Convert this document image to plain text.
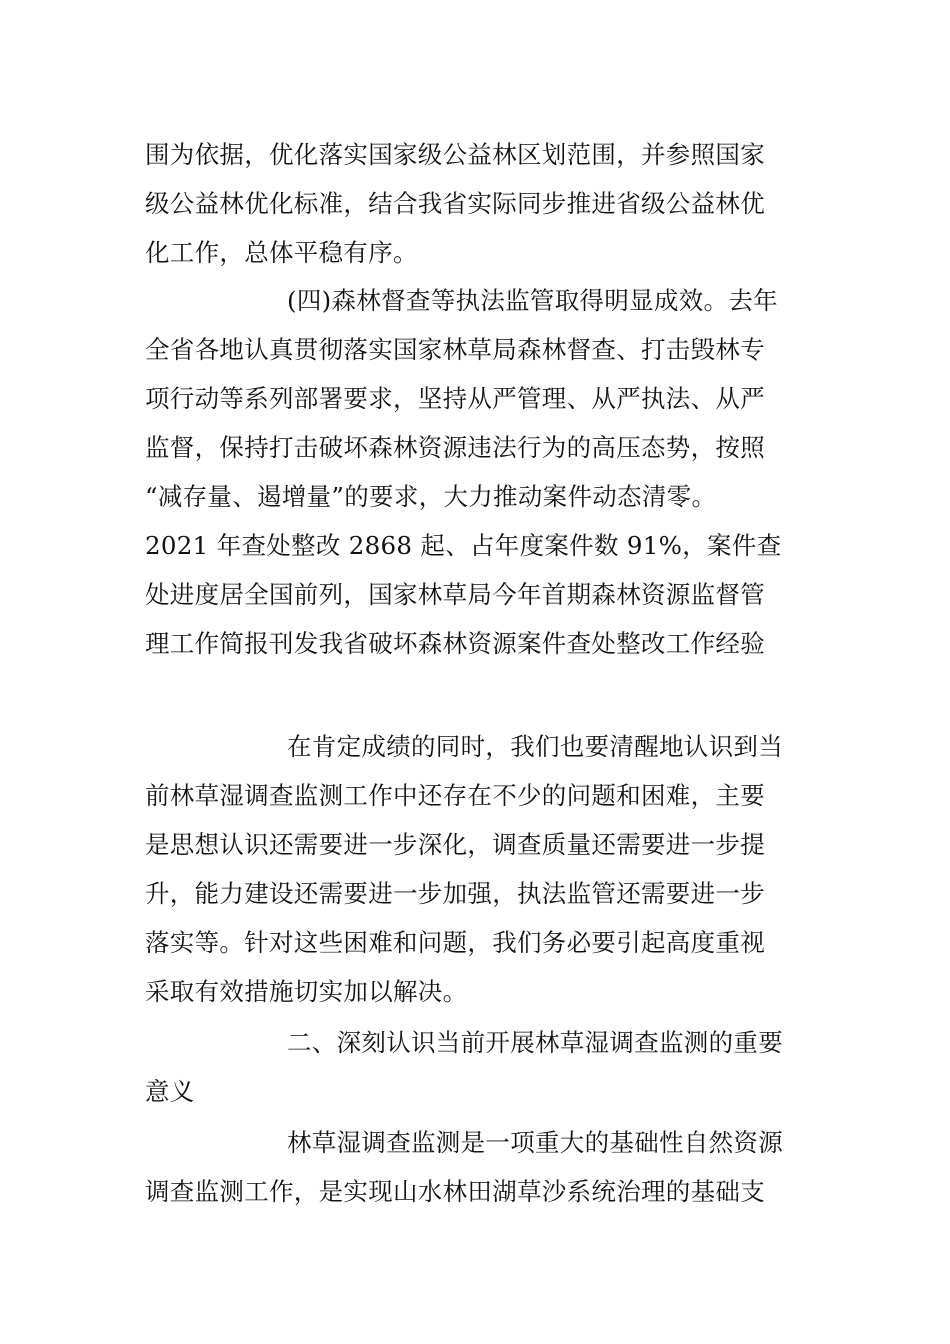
围为依据，优化落实国家级公益林区划范围，并参照国家
级公益林优化标准，结合我省实际同步推进省级公益林优
化工作，总体平稳有序。
(四)森林督查等执法监管取得明显成效。去年
全省各地认真贯彻落实国家林草局森林督查、打击毁林专
项行动等系列部署要求，坚持从严管理、从严执法、从严
监督，保持打击破坏森林资源违法行为的高压态势，按照
“减存量、遏增量”的要求，大力推动案件动态清零。
2021 年查处整改 2868 起、占年度案件数 91%，案件查
处进度居全国前列，国家林草局今年首期森林资源监督管
理工作简报刊发我省破坏森林资源案件查处整改工作经验
在肯定成绩的同时，我们也要清醒地认识到当
前林草湿调查监测工作中还存在不少的问题和困难，主要
是思想认识还需要进一步深化，调查质量还需要进一步提
升，能力建设还需要进一步加强，执法监管还需要进一步
落实等。针对这些困难和问题，我们务必要引起高度重视
采取有效措施切实加以解决。
二、深刻认识当前开展林草湿调查监测的重要
意义
林草湿调查监测是一项重大的基础性自然资源
调查监测工作，是实现山水林田湖草沙系统治理的基础支
